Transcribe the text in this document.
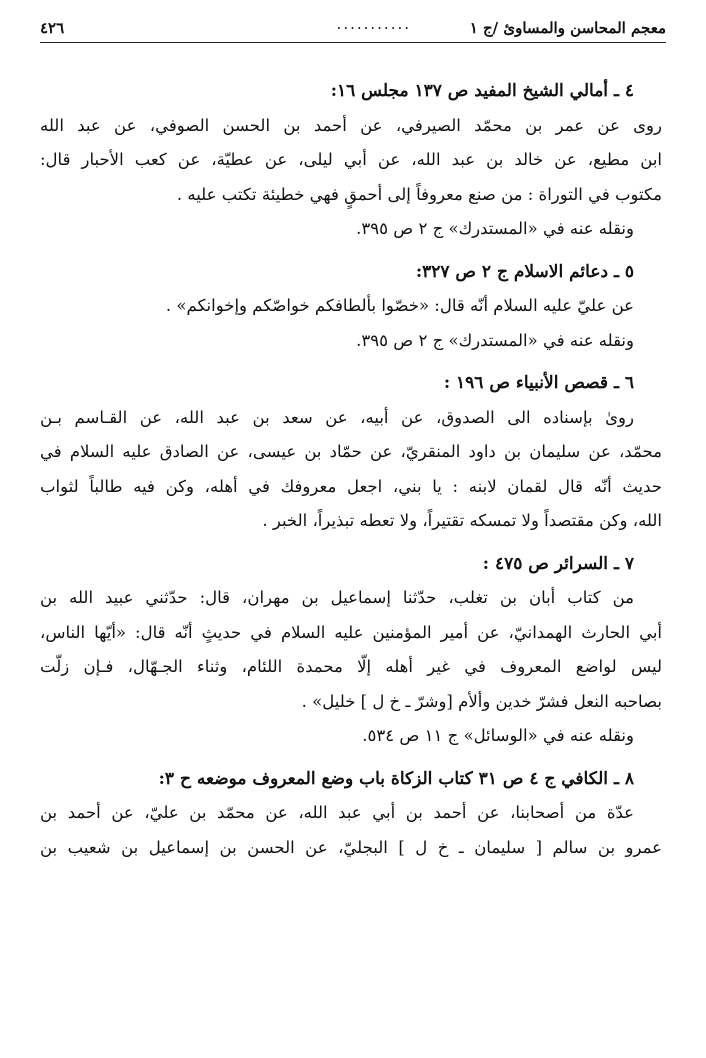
معجم المحاسن والمساوئ /ج ١
...........
٤٢٦
٤ ـ أمالي الشيخ المفيد ص ١٣٧ مجلس ١٦:
روى عن عمر بن محمّد الصيرفي، عن أحمد بن الحسن الصوفي، عن عبد الله
ابن مطيع، عن خالد بن عبد الله، عن أبي ليلى، عن عطيّة، عن كعب الأحبار قال:
مكتوب في التوراة : من صنع معروفاً إلى أحمقٍ فهي خطيئة تكتب عليه .
ونقله عنه في «المستدرك» ج ٢ ص ٣٩٥.
٥ ـ دعائم الاسلام ج ٢ ص ٣٢٧:
عن عليّ عليه السلام أنّه قال: «خصّوا بألطافكم خواصّكم وإخوانكم» .
ونقله عنه في «المستدرك» ج ٢ ص ٣٩٥.
٦ ـ قصص الأنبياء ص ١٩٦ :
رویٰ بإسناده الى الصدوق، عن أبيه، عن سعد بن عبد الله، عن القـاسم بـن
محمّد، عن سليمان بن داود المنقريّ، عن حمّاد بن عيسى، عن الصادق عليه السلام في
حديث أنّه قال لقمان لابنه : يا بني، اجعل معروفك في أهله، وكن فيه طالباً لثواب
الله، وكن مقتصداً ولا تمسكه تقتيراً، ولا تعطه تبذيراً، الخبر .
٧ ـ السرائر ص ٤٧٥ :
من كتاب أبان بن تغلب، حدّثنا إسماعيل بن مهران، قال: حدّثني عبيد الله بن
أبي الحارث الهمدانيّ، عن أمير المؤمنين عليه السلام في حديثٍ أنّه قال: «أيّها الناس،
ليس لواضع المعروف في غير أهله إلّا محمدة اللئام، وثناء الجـهّال، فـإن زلّت
بصاحبه النعل فشرّ خدين وألأم [وشرّ ـ خ ل ] خليل» .
ونقله عنه في «الوسائل» ج ١١ ص ٥٣٤.
٨ ـ الكافي ج ٤ ص ٣١ كتاب الزكاة باب وضع المعروف موضعه ح ٣:
عدّة من أصحابنا، عن أحمد بن أبي عبد الله، عن محمّد بن عليّ، عن أحمد بن
عمرو بن سالم [ سليمان ـ خ ل ] البجليّ، عن الحسن بن إسماعيل بن شعيب بن
